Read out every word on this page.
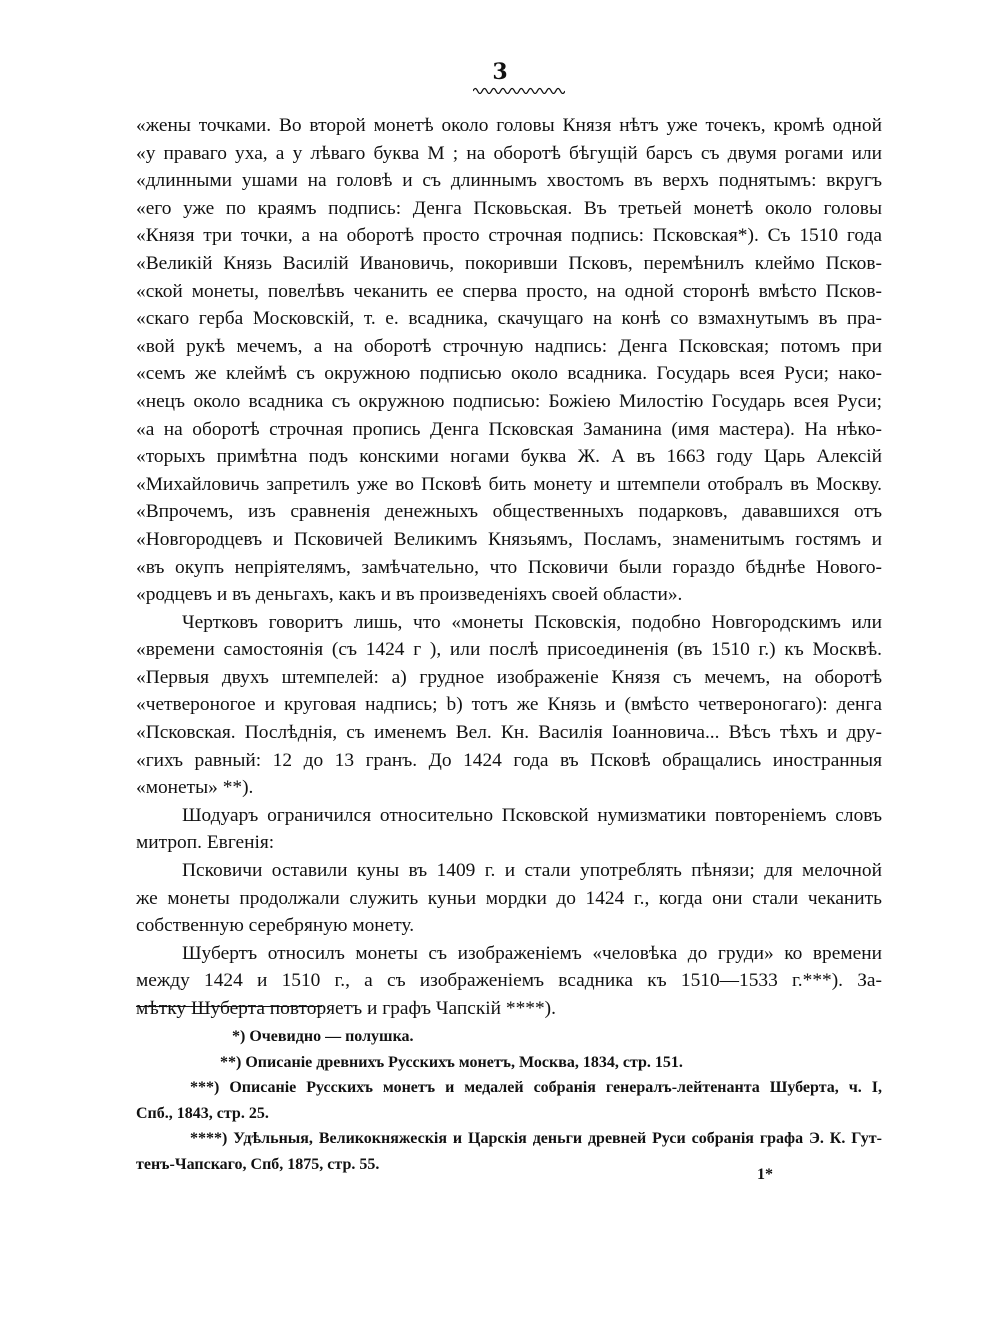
3
«жены точками. Во второй монетѣ около головы Князя нѣтъ уже точекъ, кромѣ одной
«у праваго уха, а у лѣваго буква М ; на оборотѣ бѣгущій барсъ съ двумя рогами или
«длинными ушами на головѣ и съ длиннымъ хвостомъ въ верхъ поднятымъ: вкругъ
«его уже по краямъ подпись: Денга Псковьская. Въ третьей монетѣ около головы
«Князя три точки, а на оборотѣ просто строчная подпись: Псковская*). Съ 1510 года
«Великій Князь Василій Ивановичь, покоривши Псковъ, перемѣнилъ клеймо Псков-
«ской монеты, повелѣвъ чеканить ее сперва просто, на одной сторонѣ вмѣсто Псков-
«скаго герба Московскій, т. е. всадника, скачущаго на конѣ со взмахнутымъ въ пра-
«вой рукѣ мечемъ, а на оборотѣ строчную надпись: Денга Псковская; потомъ при
«семъ же клеймѣ съ окружною подписью около всадника. Государь всея Руси; нако-
«нецъ около всадника съ окружною подписью: Божіею Милостію Государь всея Руси;
«а на оборотѣ строчная пропись Денга Псковская Заманина (имя мастера). На нѣко-
«торыхъ примѣтна подъ конскими ногами буква Ж. А въ 1663 году Царь Алексій
«Михайловичь запретилъ уже во Псковѣ бить монету и штемпели отобралъ въ Москву.
«Впрочемъ, изъ сравненія денежныхъ общественныхъ подарковъ, дававшихся отъ
«Новгородцевъ и Псковичей Великимъ Князьямъ, Посламъ, знаменитымъ гостямъ и
«въ окупъ непріятелямъ, замѣчательно, что Псковичи были гораздо бѣднѣе Нового-
«родцевъ и въ деньгахъ, какъ и въ произведеніяхъ своей области».
Чертковъ говоритъ лишь, что «монеты Псковскія, подобно Новгородскимъ или
«времени самостоянія (съ 1424 г ), или послѣ присоединенія (въ 1510 г.) къ Москвѣ.
«Первыя двухъ штемпелей: а) грудное изображеніе Князя съ мечемъ, на оборотѣ
«четвероногое и круговая надпись; b) тотъ же Князь и (вмѣсто четвероногаго): денга
«Псковская. Послѣднія, съ именемъ Вел. Кн. Василія Іоанновича... Вѣсъ тѣхъ и дру-
«гихъ равный: 12 до 13 гранъ. До 1424 года въ Псковѣ обращались иностранныя
«монеты» **).
Шодуаръ ограничился относительно Псковской нумизматики повтореніемъ словъ
митроп. Евгенія:
Псковичи оставили куны въ 1409 г. и стали употреблять пѣнязи; для мелочной
же монеты продолжали служить куньи мордки до 1424 г., когда они стали чеканить
собственную серебряную монету.
Шубертъ относилъ монеты съ изображеніемъ «человѣка до груди» ко времени
между 1424 и 1510 г., а съ изображеніемъ всадника къ 1510—1533 г.***). За-
мѣтку Шуберта повторяетъ и графъ Чапскій ****).
*) Очевидно — полушка.
**) Описаніе древнихъ Русскихъ монетъ, Москва, 1834, стр. 151.
***) Описаніе Русскихъ монетъ и медалей собранія генералъ-лейтенанта Шуберта, ч. I,
Спб., 1843, стр. 25.
****) Удѣльныя, Великокняжескія и Царскія деньги древней Руси собранія графа Э. К. Гут-
тенъ-Чапскаго, Спб, 1875, стр. 55.
1*
